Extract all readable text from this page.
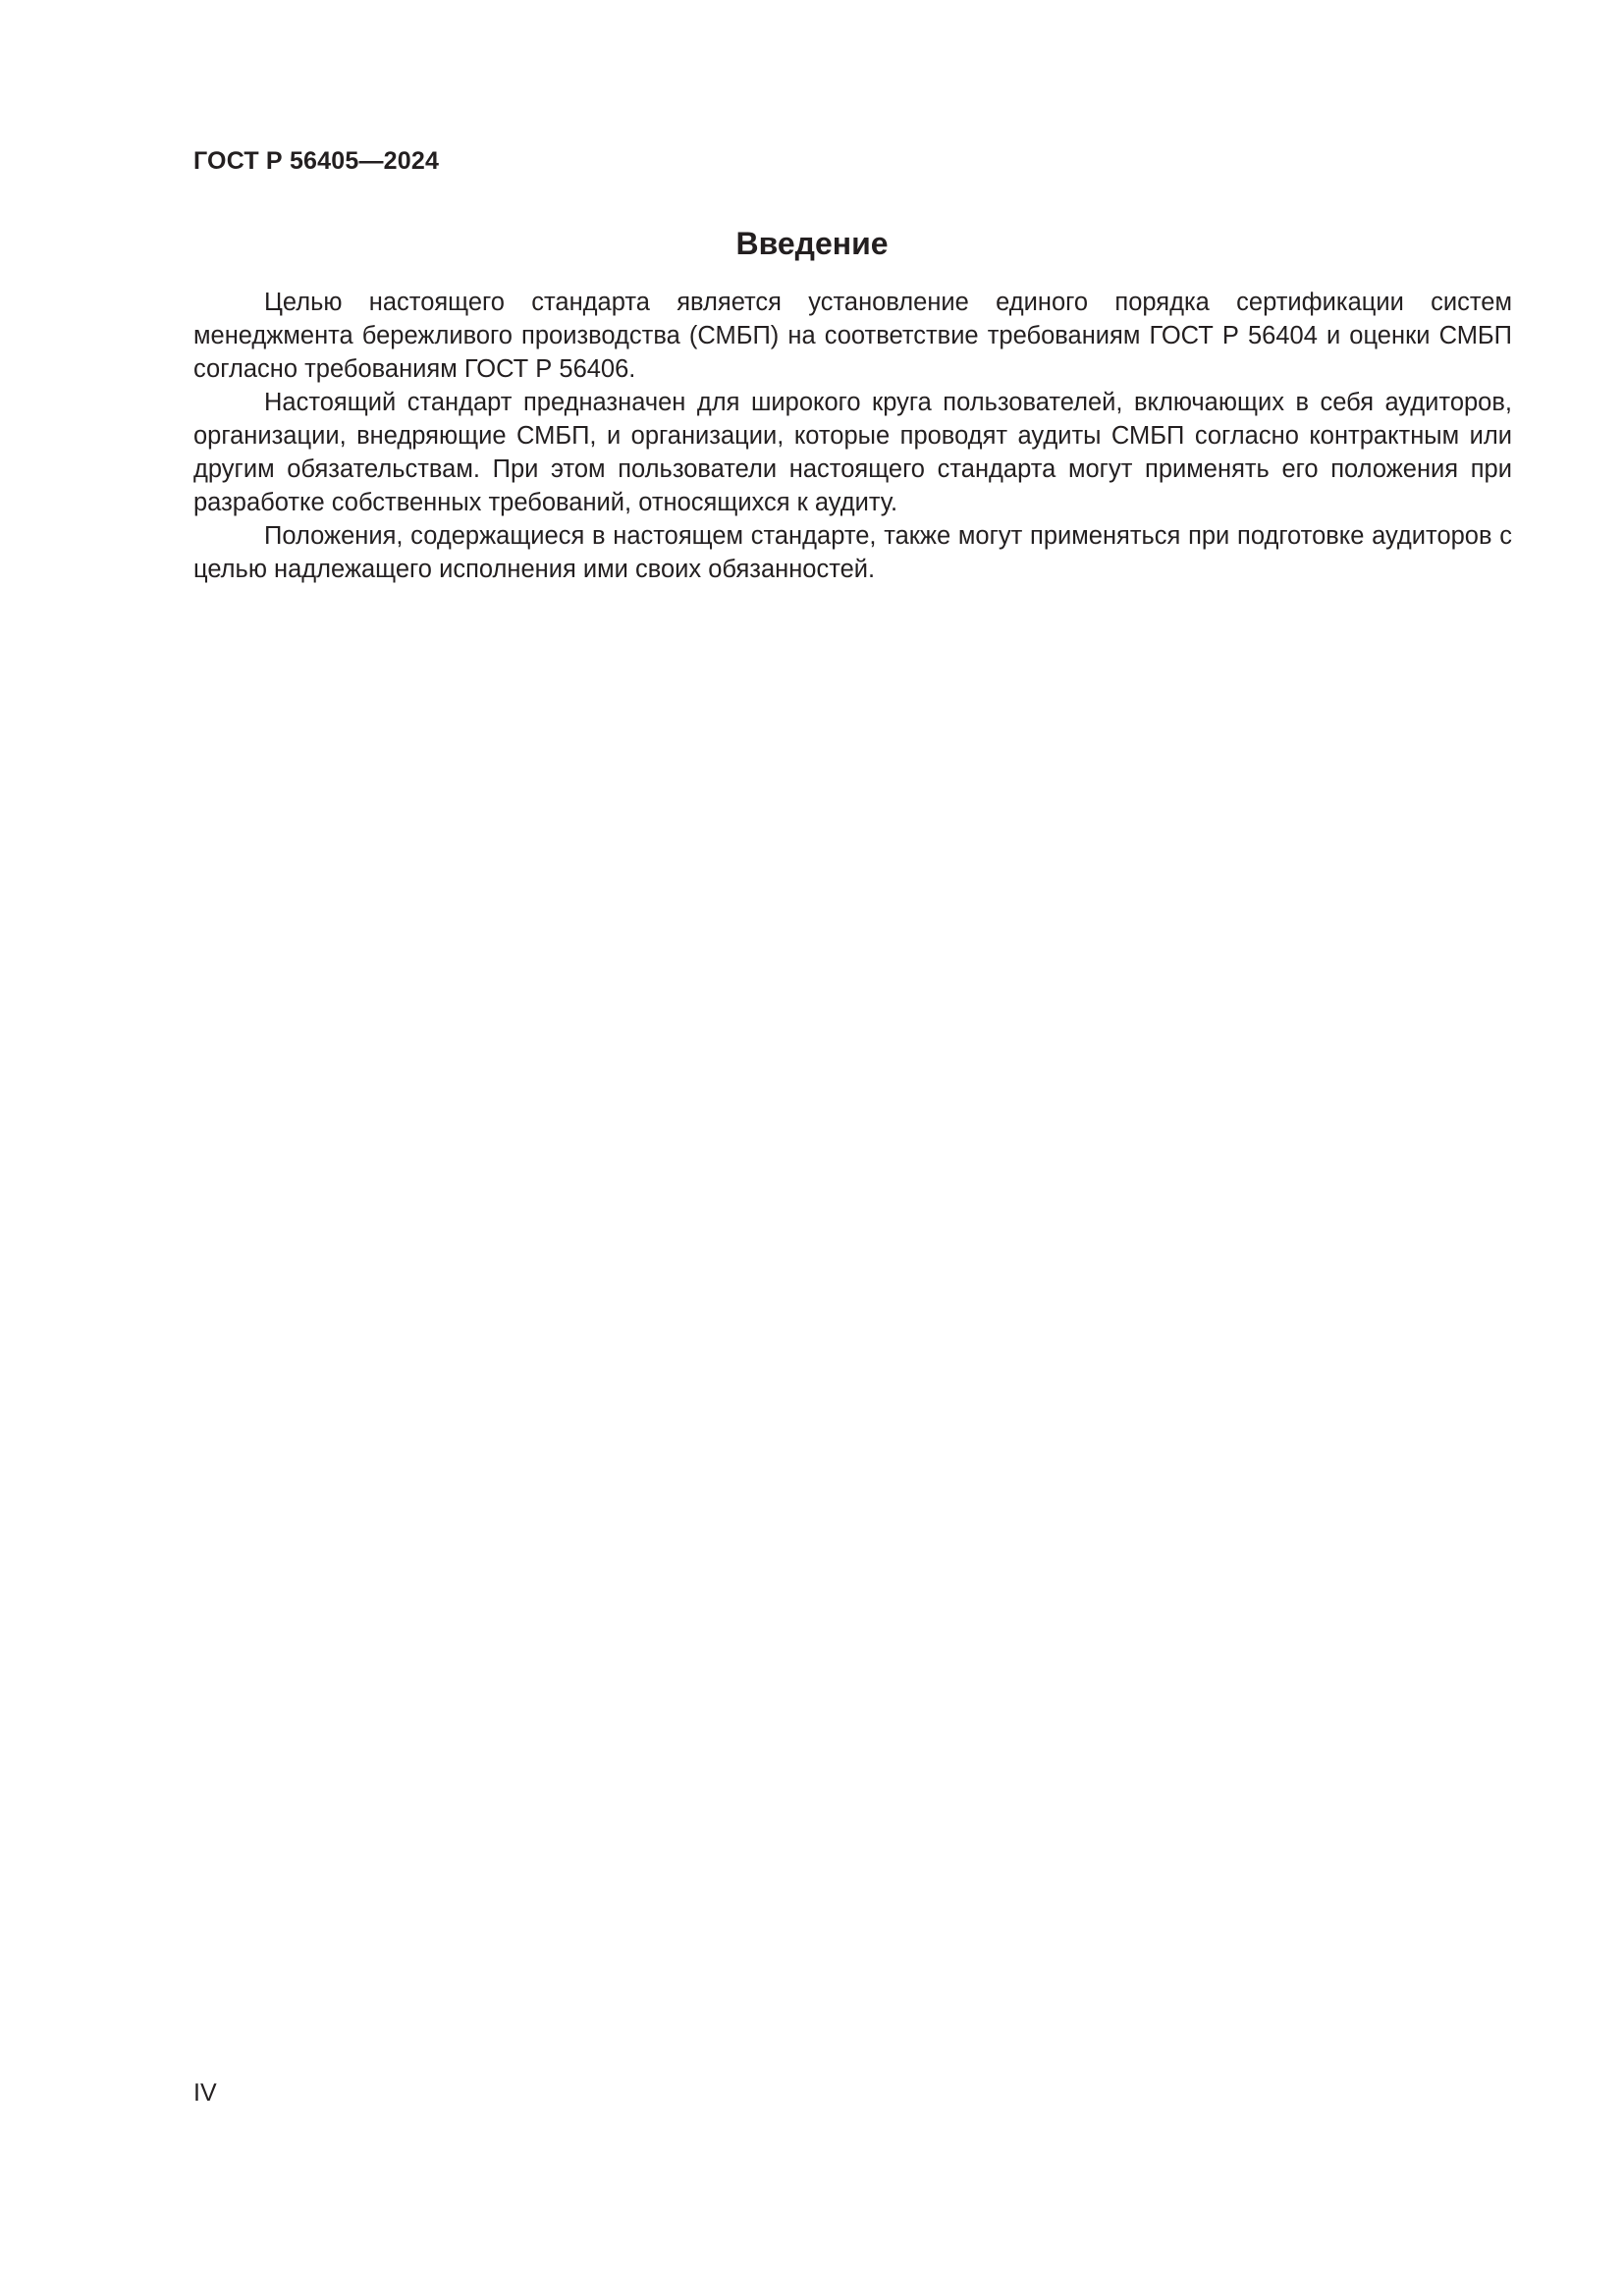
ГОСТ Р 56405—2024
Введение

Целью настоящего стандарта является установление единого порядка сертификации систем менеджмента бережливого производства (СМБП) на соответствие требованиям ГОСТ Р 56404 и оценки СМБП согласно требованиям ГОСТ Р 56406.

Настоящий стандарт предназначен для широкого круга пользователей, включающих в себя аудиторов, организации, внедряющие СМБП, и организации, которые проводят аудиты СМБП согласно контрактным или другим обязательствам. При этом пользователи настоящего стандарта могут применять его положения при разработке собственных требований, относящихся к аудиту.

Положения, содержащиеся в настоящем стандарте, также могут применяться при подготовке аудиторов с целью надлежащего исполнения ими своих обязанностей.

IV
